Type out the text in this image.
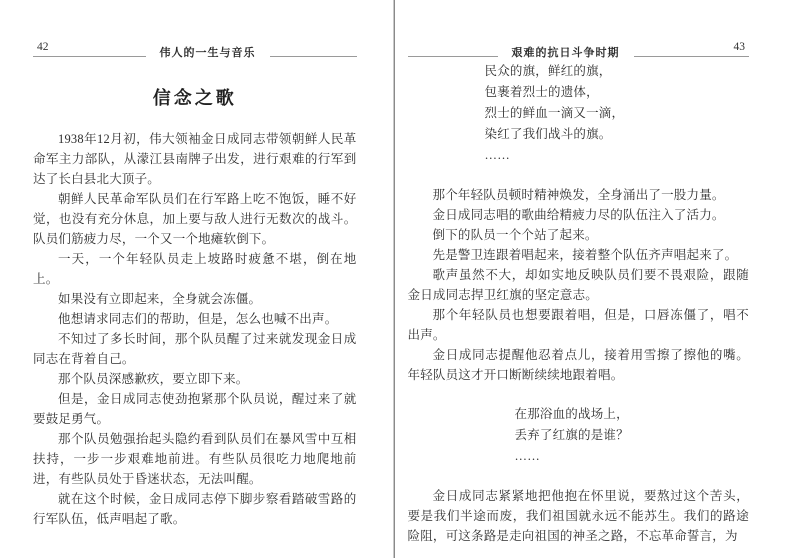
42	伟人的一生与音乐
信念之歌

1938年12月初，伟大领袖金日成同志带领朝鲜人民革命军主力部队，从濛江县南牌子出发，进行艰难的行军到达了长白县北大顶子。

朝鲜人民革命军队员们在行军路上吃不饱饭，睡不好觉，也没有充分休息，加上要与敌人进行无数次的战斗。队员们筋疲力尽，一个又一个地瘫软倒下。

一天，一个年轻队员走上坡路时疲惫不堪，倒在地上。

如果没有立即起来，全身就会冻僵。

他想请求同志们的帮助，但是，怎么也喊不出声。

不知过了多长时间，那个队员醒了过来就发现金日成同志在背着自己。

那个队员深感歉疚，要立即下来。

但是，金日成同志使劲抱紧那个队员说，醒过来了就要鼓足勇气。

那个队员勉强抬起头隐约看到队员们在暴风雪中互相扶持，一步一步艰难地前进。有些队员很吃力地爬地前进，有些队员处于昏迷状态，无法叫醒。

就在这个时候，金日成同志停下脚步察看踏破雪路的行军队伍，低声唱起了歌。

艰难的抗日斗争时期	43
民众的旗，鲜红的旗，
包裹着烈士的遗体，
烈士的鲜血一滴又一滴，
染红了我们战斗的旗。
……

那个年轻队员顿时精神焕发，全身涌出了一股力量。

金日成同志唱的歌曲给精疲力尽的队伍注入了活力。

倒下的队员一个个站了起来。

先是警卫连跟着唱起来，接着整个队伍齐声唱起来了。

歌声虽然不大，却如实地反映队员们要不畏艰险，跟随金日成同志捍卫红旗的坚定意志。

那个年轻队员也想要跟着唱，但是，口唇冻僵了，唱不出声。

金日成同志提醒他忍着点儿，接着用雪擦了擦他的嘴。年轻队员这才开口断断续续地跟着唱。

在那浴血的战场上，
丢弃了红旗的是谁？
……

金日成同志紧紧地把他抱在怀里说，要熬过这个苦头，要是我们半途而废，我们祖国就永远不能苏生。我们的路途险阻，可这条路是走向祖国的神圣之路，不忘革命誓言，为
